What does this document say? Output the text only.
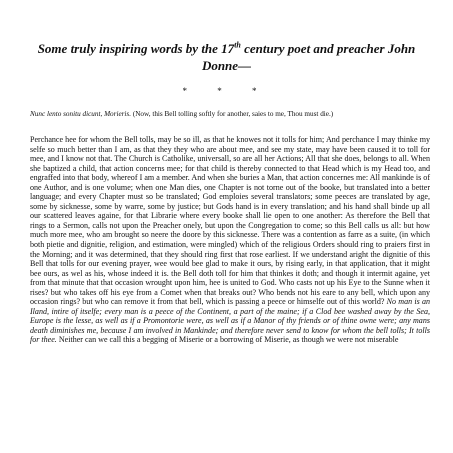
Some truly inspiring words by the 17th century poet and preacher John Donne—

* * *

Nunc lento sonitu dicunt, Morieris. (Now, this Bell tolling softly for another, saies to me, Thou must die.)

Perchance hee for whom the Bell tolls, may be so ill, as that he knowes not it tolls for him; And perchance I may thinke my selfe so much better than I am, as that they they who are about mee, and see my state, may have been caused it to toll for mee, and I know not that. The Church is Catholike, universall, so are all her Actions; All that she does, belongs to all. When she baptized a child, that action concerns mee; for that child is thereby connected to that Head which is my Head too, and engraffed into that body, whereof I am a member. And when she buries a Man, that action concernes me: All mankinde is of one Author, and is one volume; when one Man dies, one Chapter is not torne out of the booke, but translated into a better language; and every Chapter must so be translated; God emploies several translators; some peeces are translated by age, some by sicknesse, some by warre, some by justice; but Gods hand is in every translation; and his hand shall binde up all our scattered leaves againe, for that Librarie where every booke shall lie open to one another: As therefore the Bell that rings to a Sermon, calls not upon the Preacher onely, but upon the Congregation to come; so this Bell calls us all: but how much more mee, who am brought so neere the doore by this sicknesse. There was a contention as farre as a suite, (in which both pietie and dignitie, religion, and estimation, were mingled) which of the religious Orders should ring to praiers first in the Morning; and it was determined, that they should ring first that rose earliest. If we understand aright the dignitie of this Bell that tolls for our evening prayer, wee would bee glad to make it ours, by rising early, in that application, that it might bee ours, as wel as his, whose indeed it is. the Bell doth toll for him that thinkes it doth; and though it intermit againe, yet from that minute that that occasion wrought upon him, hee is united to God. Who casts not up his Eye to the Sunne when it rises? but who takes off his eye from a Comet when that breaks out? Who bends not his eare to any bell, which upon any occasion rings? but who can remove it from that bell, which is passing a peece or himselfe out of this world? No man is an Iland, intire of itselfe; every man is a peece of the Continent, a part of the maine; if a Clod bee washed away by the Sea, Europe is the lesse, as well as if a Promontorie were, as well as if a Manor of thy friends or of thine owne were; any mans death diminishes me, because I am involved in Mankinde; and therefore never send to know for whom the bell tolls; It tolls for thee. Neither can we call this a begging of Miserie or a borrowing of Miserie, as though we were not miserable
